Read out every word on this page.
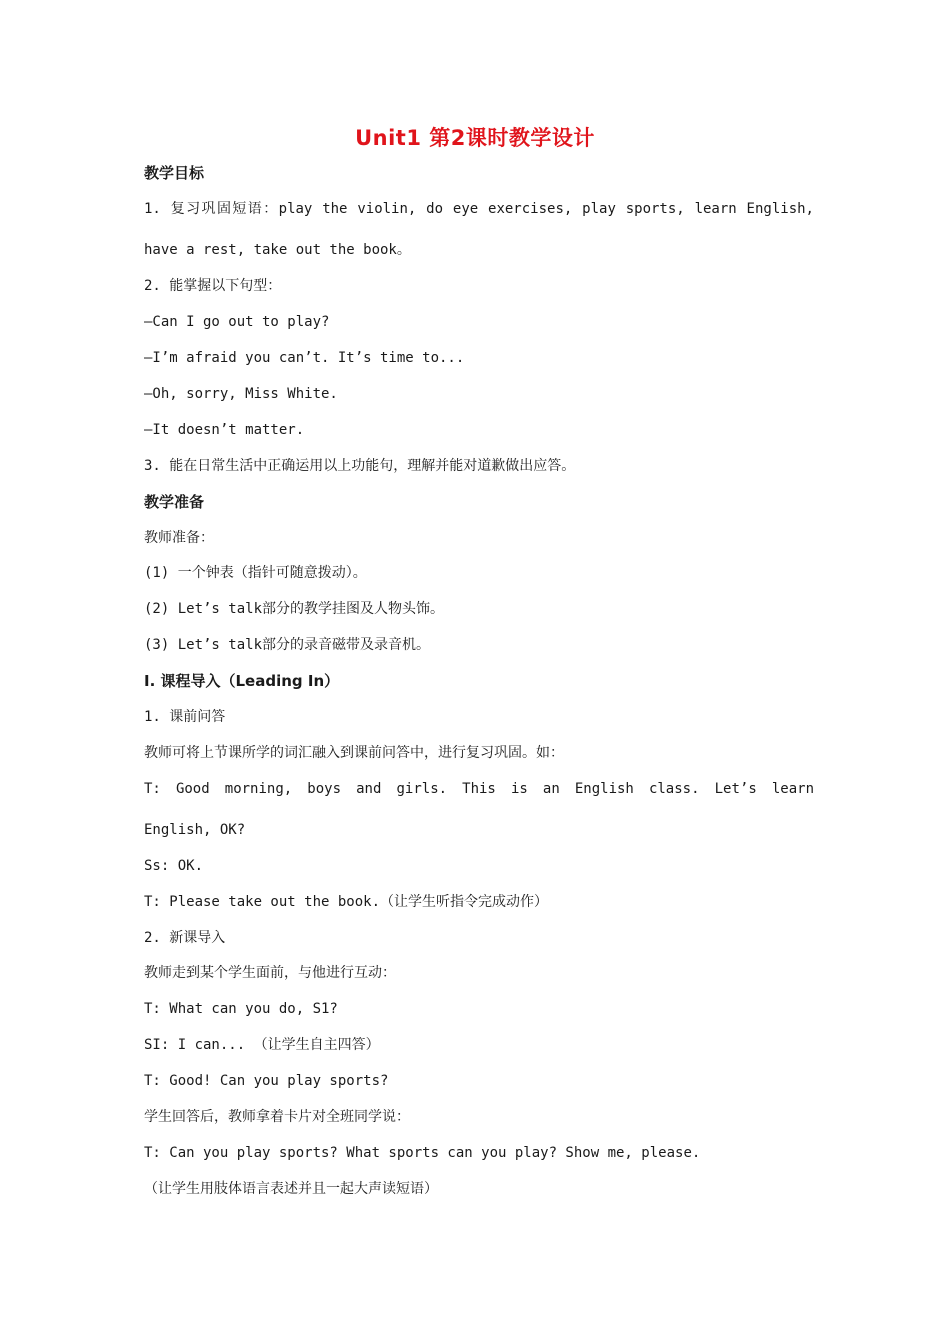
Unit1 第2课时教学设计
教学目标
1. 复习巩固短语：play the violin, do eye exercises, play sports, learn English,
have a rest, take out the book。
2. 能掌握以下句型：
—Can I go out to play?
—I’m afraid you can’t. It’s time to...
—Oh, sorry, Miss White.
—It doesn’t matter.
3. 能在日常生活中正确运用以上功能句，理解并能对道歉做出应答。
教学准备
教师准备：
(1) 一个钟表（指针可随意拨动）。
(2) Let’s talk部分的教学挂图及人物头饰。
(3) Let’s talk部分的录音磁带及录音机。
I. 课程导入（Leading In）
1. 课前问答
教师可将上节课所学的词汇融入到课前问答中，进行复习巩固。如：
T: Good morning, boys and girls. This is an English class. Let’s learn
English, OK?
Ss: OK.
T: Please take out the book.（让学生听指令完成动作）
2. 新课导入
教师走到某个学生面前，与他进行互动：
T: What can you do, S1?
SI: I can... （让学生自主四答）
T: Good! Can you play sports?
学生回答后，教师拿着卡片对全班同学说：
T: Can you play sports? What sports can you play? Show me, please.
（让学生用肢体语言表述并且一起大声读短语）
